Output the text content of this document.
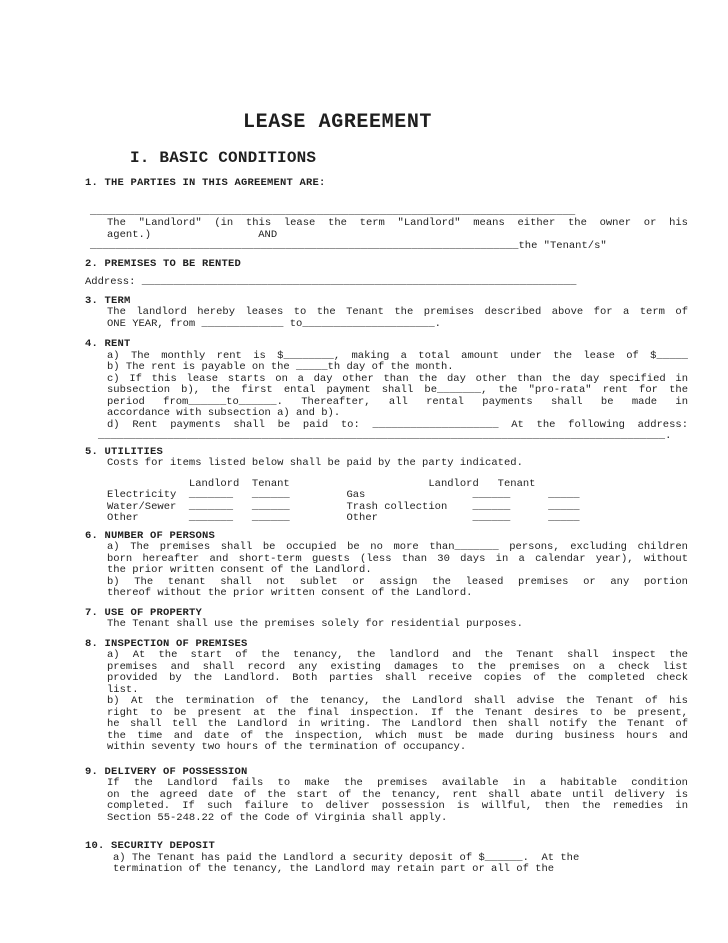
LEASE AGREEMENT
I. BASIC CONDITIONS
1. THE PARTIES IN THIS AGREEMENT ARE:
_____________________________________________________________________________
The "Landlord" (in this lease the term "Landlord" means either the owner or his
agent.)                 AND
____________________________________________________________________the "Tenant/s"
2. PREMISES TO BE RENTED
Address: _____________________________________________________________________
3. TERM
The landlord hereby leases to the Tenant the premises described above for a term of
ONE YEAR, from _____________ to_____________________.
4. RENT
a) The monthly rent is $________, making a total amount under the lease of $_____
b) The rent is payable on the _____th day of the month.
c) If this lease starts on a day other than the day other than the day specified in
subsection b), the first ental payment shall be_______, the "pro-rata" rent for the
period from______to______. Thereafter, all rental payments shall be made in
accordance with subsection a) and b).
d) Rent payments shall be paid to: ____________________ At the following address:
__________________________________________________________________________________________.
5. UTILITIES
Costs for items listed below shall be paid by the party indicated.
Landlord  Tenant                      Landlord   Tenant
Electricity  _______   ______         Gas                 ______      _____
Water/Sewer  _______   ______         Trash collection    ______      _____
Other        _______   ______         Other               ______      _____
6. NUMBER OF PERSONS
a) The premises shall be occupied be no more than_______ persons, excluding children
born hereafter and short-term guests (less than 30 days in a calendar year), without
the prior written consent of the Landlord.
b) The tenant shall not sublet or assign the leased premises or any portion
thereof without the prior written consent of the Landlord.
7. USE OF PROPERTY
The Tenant shall use the premises solely for residential purposes.
8. INSPECTION OF PREMISES
a) At the start of the tenancy, the landlord and the Tenant shall inspect the
premises and shall record any existing damages to the premises on a check list
provided by the Landlord. Both parties shall receive copies of the completed check
list.
b) At the termination of the tenancy, the Landlord shall advise the Tenant of his
right to be present at the final inspection. If the Tenant desires to be present,
he shall tell the Landlord in writing. The Landlord then shall notify the Tenant of
the time and date of the inspection, which must be made during business hours and
within seventy two hours of the termination of occupancy.
9. DELIVERY OF POSSESSION
If the Landlord fails to make the premises available in a habitable condition
on the agreed date of the start of the tenancy, rent shall abate until delivery is
completed. If such failure to deliver possession is willful, then the remedies in
Section 55-248.22 of the Code of Virginia shall apply.
10. SECURITY DEPOSIT
a) The Tenant has paid the Landlord a security deposit of $______.  At the
termination of the tenancy, the Landlord may retain part or all of the
